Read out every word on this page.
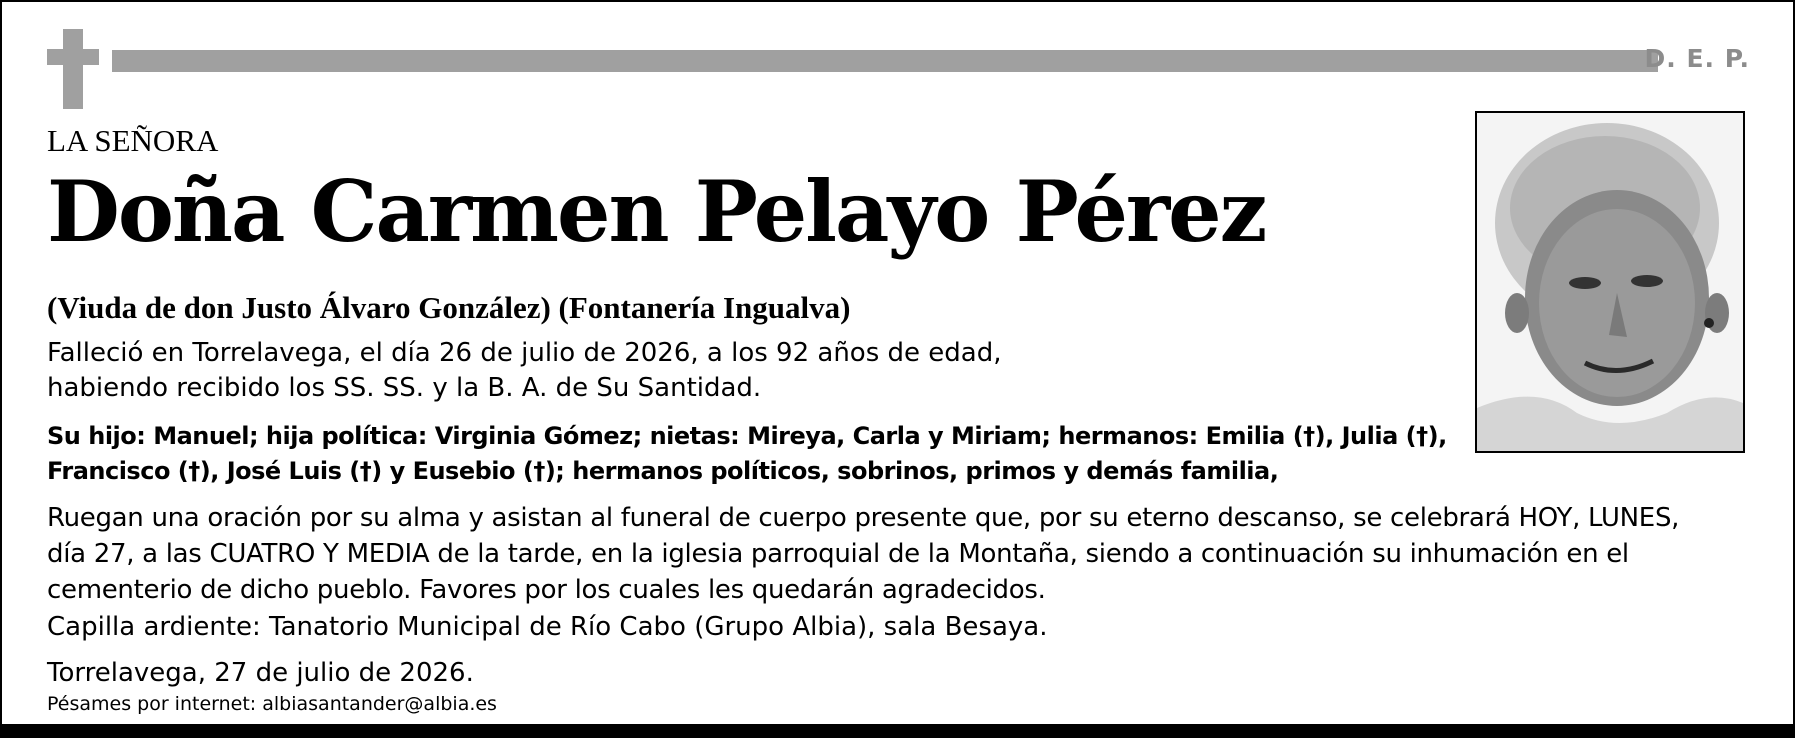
D. E. P.

LA SEÑORA

Doña Carmen Pelayo Pérez

(Viuda de don Justo Álvaro González) (Fontanería Ingualva)

Falleció en Torrelavega, el día 26 de julio de 2026, a los 92 años de edad,
habiendo recibido los SS. SS. y la B. A. de Su Santidad.

Su hijo: Manuel; hija política: Virginia Gómez; nietas: Mireya, Carla y Miriam; hermanos: Emilia (†), Julia (†),
Francisco (†), José Luis (†) y Eusebio (†); hermanos políticos, sobrinos, primos y demás familia,

Ruegan una oración por su alma y asistan al funeral de cuerpo presente que, por su eterno descanso, se celebrará HOY, LUNES,
día 27, a las CUATRO Y MEDIA de la tarde, en la iglesia parroquial de la Montaña, siendo a continuación su inhumación en el
cementerio de dicho pueblo. Favores por los cuales les quedarán agradecidos.

Capilla ardiente: Tanatorio Municipal de Río Cabo (Grupo Albia), sala Besaya.

Torrelavega, 27 de julio de 2026.

Pésames por internet: albiasantander@albia.es
